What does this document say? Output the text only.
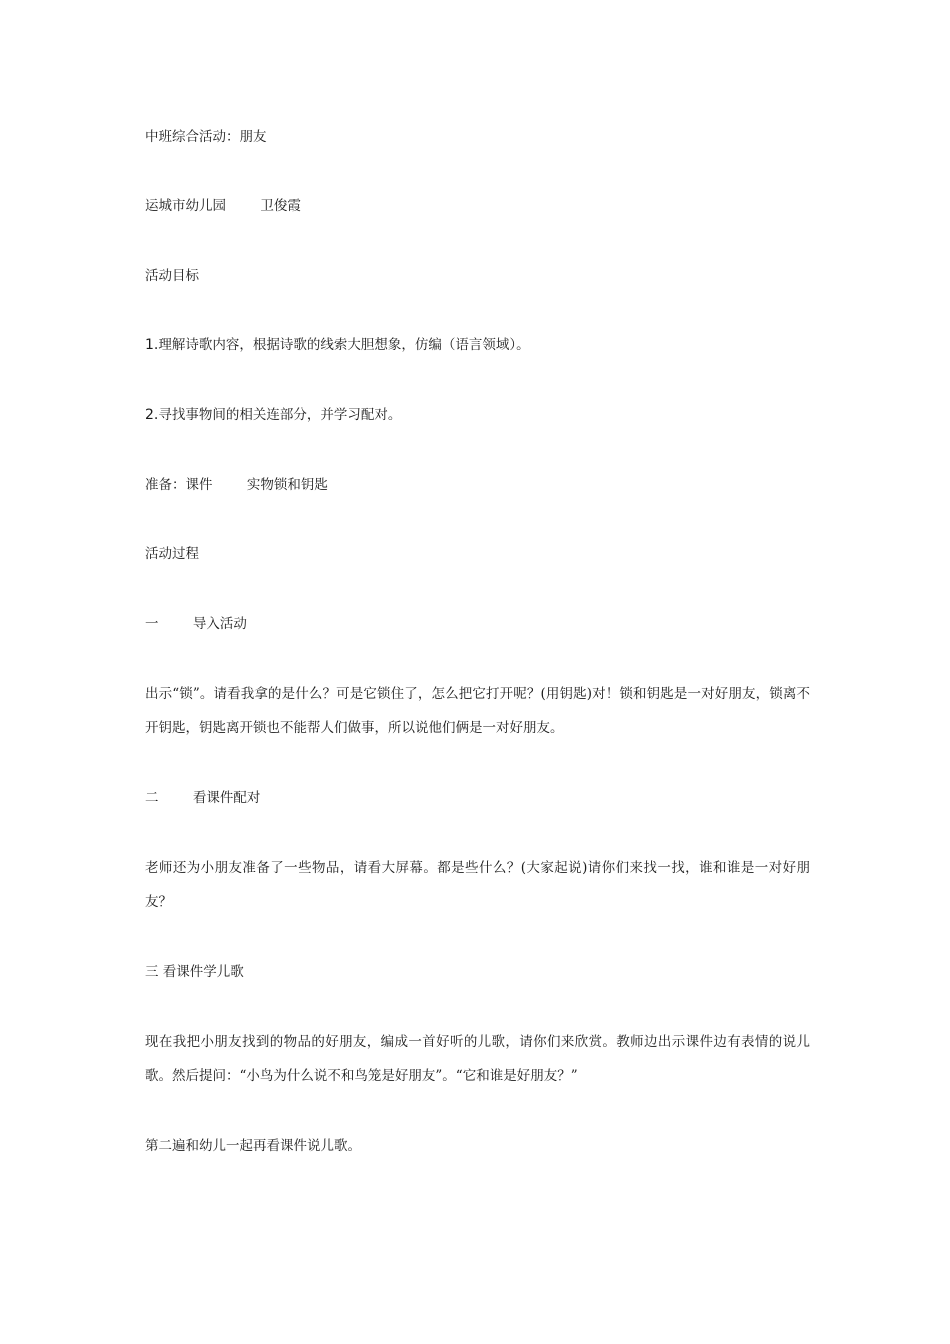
中班综合活动：朋友

运城市幼儿园        卫俊霞

活动目标

1.理解诗歌内容，根据诗歌的线索大胆想象，仿编（语言领域）。

2.寻找事物间的相关连部分，并学习配对。

准备：课件        实物锁和钥匙

活动过程

一        导入活动

出示“锁”。请看我拿的是什么？可是它锁住了，怎么把它打开呢？(用钥匙)对！锁和钥匙是一对好朋友，锁离不开钥匙，钥匙离开锁也不能帮人们做事，所以说他们俩是一对好朋友。

二        看课件配对

老师还为小朋友准备了一些物品，请看大屏幕。都是些什么？(大家起说)请你们来找一找，谁和谁是一对好朋友？

三 看课件学儿歌

现在我把小朋友找到的物品的好朋友，编成一首好听的儿歌，请你们来欣赏。教师边出示课件边有表情的说儿歌。然后提问：“小鸟为什么说不和鸟笼是好朋友”。“它和谁是好朋友？”

第二遍和幼儿一起再看课件说儿歌。
